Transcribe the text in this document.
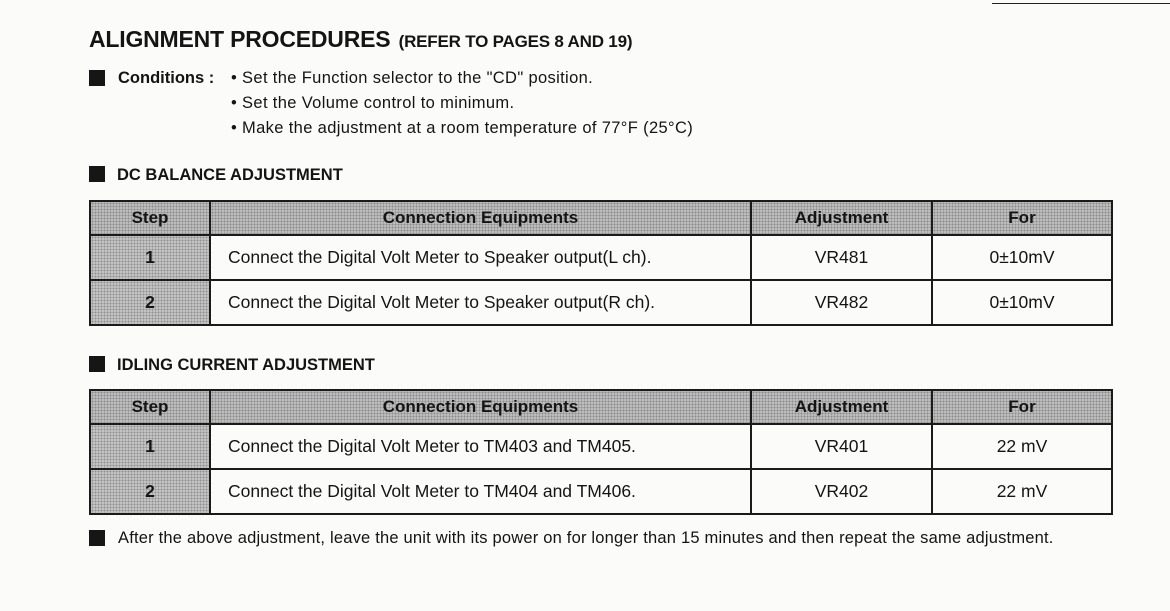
ALIGNMENT PROCEDURES (REFER TO PAGES 8 AND 19)
Conditions : • Set the Function selector to the "CD" position.
• Set the Volume control to minimum.
• Make the adjustment at a room temperature of 77°F (25°C)
DC BALANCE ADJUSTMENT
Step	Connection Equipments	Adjustment	For
1	Connect the Digital Volt Meter to Speaker output(L ch).	VR481	0±10mV
2	Connect the Digital Volt Meter to Speaker output(R ch).	VR482	0±10mV
IDLING CURRENT ADJUSTMENT
Step	Connection Equipments	Adjustment	For
1	Connect the Digital Volt Meter to TM403 and TM405.	VR401	22 mV
2	Connect the Digital Volt Meter to TM404 and TM406.	VR402	22 mV
After the above adjustment, leave the unit with its power on for longer than 15 minutes and then repeat the same adjustment.
